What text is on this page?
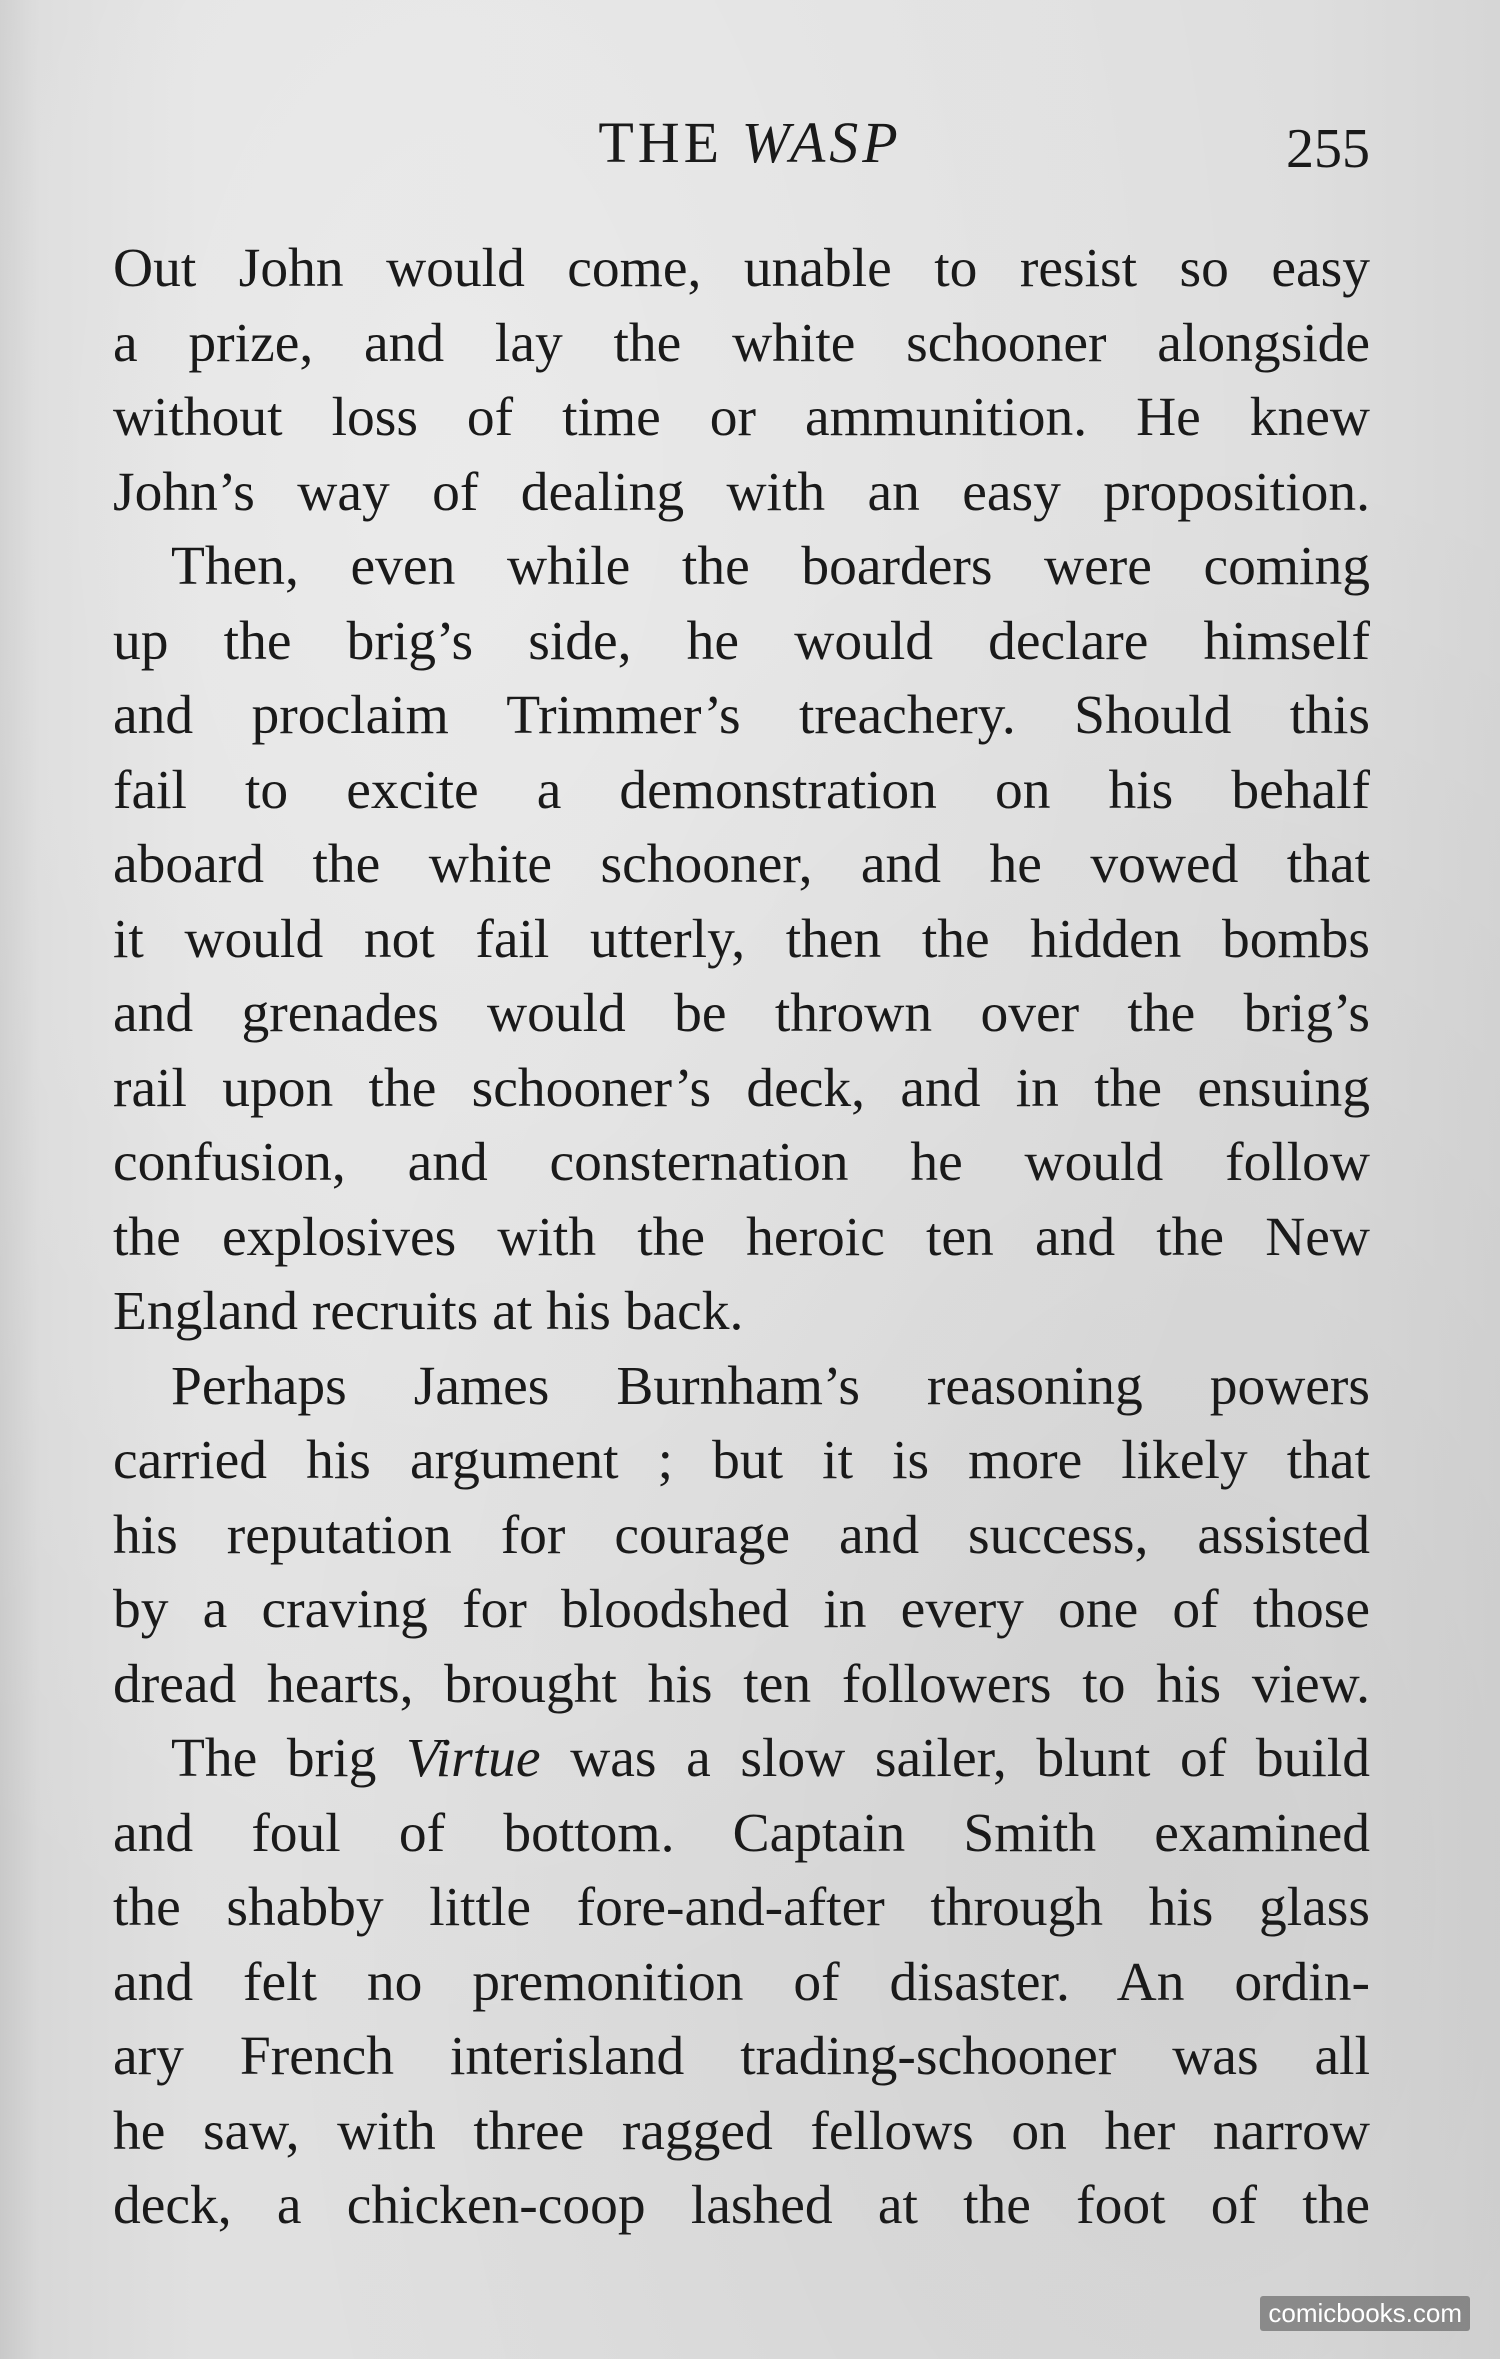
THE WASP	255

Out John would come, unable to resist so easy
a prize, and lay the white schooner alongside
without loss of time or ammunition. He knew
John’s way of dealing with an easy proposition.

Then, even while the boarders were coming
up the brig’s side, he would declare himself
and proclaim Trimmer’s treachery. Should this
fail to excite a demonstration on his behalf
aboard the white schooner, and he vowed that
it would not fail utterly, then the hidden bombs
and grenades would be thrown over the brig’s
rail upon the schooner’s deck, and in the ensuing
confusion, and consternation he would follow
the explosives with the heroic ten and the New
England recruits at his back.

Perhaps James Burnham’s reasoning powers
carried his argument ; but it is more likely that
his reputation for courage and success, assisted
by a craving for bloodshed in every one of those
dread hearts, brought his ten followers to his view.

The brig Virtue was a slow sailer, blunt of build
and foul of bottom. Captain Smith examined
the shabby little fore-and-after through his glass
and felt no premonition of disaster. An ordin-
ary French interisland trading-schooner was all
he saw, with three ragged fellows on her narrow
deck, a chicken-coop lashed at the foot of the

comicbooks.com
